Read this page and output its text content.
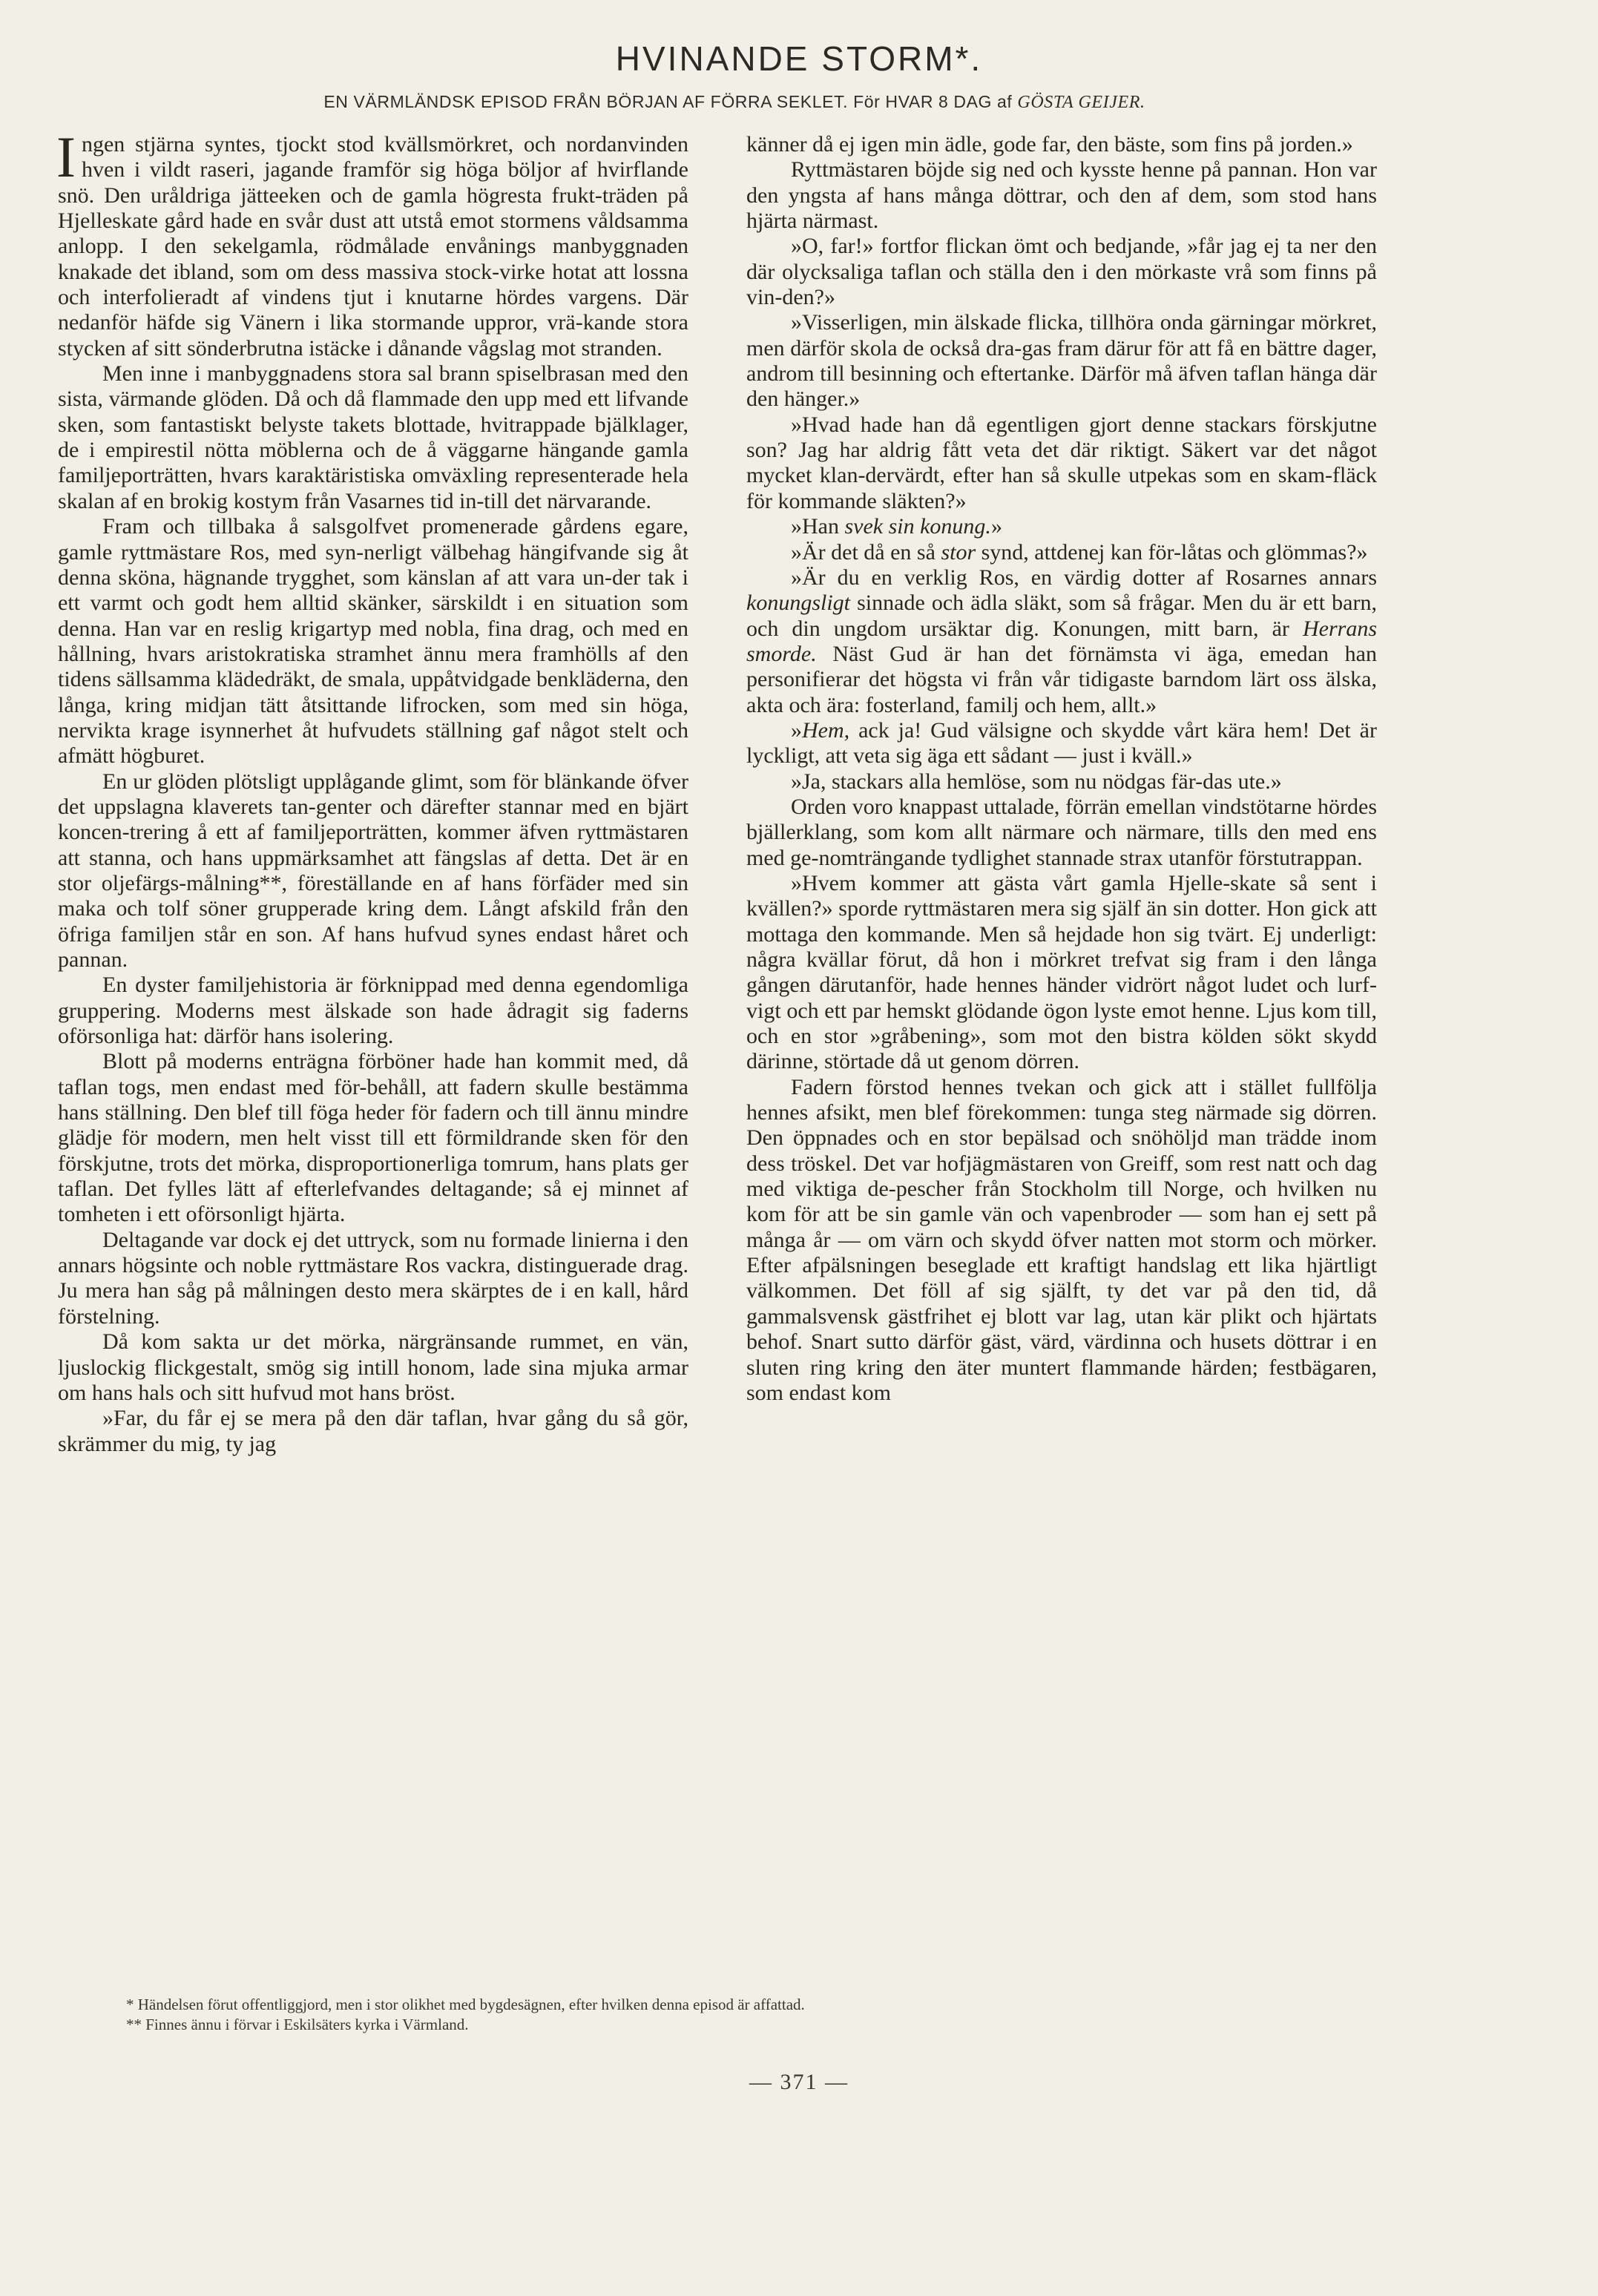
HVINANDE STORM*.
EN VÄRMLÄNDSK EPISOD FRÅN BÖRJAN AF FÖRRA SEKLET. För HVAR 8 DAG af GÖSTA GEIJER.

Ingen stjärna syntes, tjockt stod kvällsmörkret, och nordanvinden hven i vildt raseri, jagande framför sig höga böljor af hvirflande snö. Den uråldriga jätteeken och de gamla högresta frukt-träden på Hjelleskate gård hade en svår dust att utstå emot stormens våldsamma anlopp. I den sekelgamla, rödmålade envånings manbyggnaden knakade det ibland, som om dess massiva stock-virke hotat att lossna och interfolieradt af vindens tjut i knutarne hördes vargens. Där nedanför häfde sig Vänern i lika stormande uppror, vrä-kande stora stycken af sitt sönderbrutna istäcke i dånande vågslag mot stranden.

Men inne i manbyggnadens stora sal brann spiselbrasan med den sista, värmande glöden. Då och då flammade den upp med ett lifvande sken, som fantastiskt belyste takets blottade, hvitrappade bjälklager, de i empirestil nötta möblerna och de å väggarne hängande gamla familjeporträtten, hvars karaktäristiska omväxling representerade hela skalan af en brokig kostym från Vasarnes tid in-till det närvarande.

Fram och tillbaka å salsgolfvet promenerade gårdens egare, gamle ryttmästare Ros, med syn-nerligt välbehag hängifvande sig åt denna sköna, hägnande trygghet, som känslan af att vara un-der tak i ett varmt och godt hem alltid skänker, särskildt i en situation som denna. Han var en reslig krigartyp med nobla, fina drag, och med en hållning, hvars aristokratiska stramhet ännu mera framhölls af den tidens sällsamma klädedräkt, de smala, uppåtvidgade benkläderna, den långa, kring midjan tätt åtsittande lifrocken, som med sin höga, nervikta krage isynnerhet åt hufvudets ställning gaf något stelt och afmätt högburet.

En ur glöden plötsligt upplågande glimt, som för blänkande öfver det uppslagna klaverets tan-genter och därefter stannar med en bjärt koncen-trering å ett af familjeporträtten, kommer äfven ryttmästaren att stanna, och hans uppmärksamhet att fängslas af detta. Det är en stor oljefärgs-målning**, föreställande en af hans förfäder med sin maka och tolf söner grupperade kring dem. Långt afskild från den öfriga familjen står en son. Af hans hufvud synes endast håret och pannan.

En dyster familjehistoria är förknippad med denna egendomliga gruppering. Moderns mest älskade son hade ådragit sig faderns oförsonliga hat: därför hans isolering.

Blott på moderns enträgna förböner hade han kommit med, då taflan togs, men endast med för-behåll, att fadern skulle bestämma hans ställning. Den blef till föga heder för fadern och till ännu mindre glädje för modern, men helt visst till ett förmildrande sken för den förskjutne, trots det mörka, disproportionerliga tomrum, hans plats ger taflan. Det fylles lätt af efterlefvandes deltagande; så ej minnet af tomheten i ett oförsonligt hjärta.

Deltagande var dock ej det uttryck, som nu formade linierna i den annars högsinte och noble ryttmästare Ros vackra, distinguerade drag. Ju mera han såg på målningen desto mera skärptes de i en kall, hård förstelning.

Då kom sakta ur det mörka, närgränsande rummet, en vän, ljuslockig flickgestalt, smög sig intill honom, lade sina mjuka armar om hans hals och sitt hufvud mot hans bröst.

»Far, du får ej se mera på den där taflan, hvar gång du så gör, skrämmer du mig, ty jag

känner då ej igen min ädle, gode far, den bäste, som fins på jorden.»

Ryttmästaren böjde sig ned och kysste henne på pannan. Hon var den yngsta af hans många döttrar, och den af dem, som stod hans hjärta närmast.

»O, far!» fortfor flickan ömt och bedjande, »får jag ej ta ner den där olycksaliga taflan och ställa den i den mörkaste vrå som finns på vin-den?»

»Visserligen, min älskade flicka, tillhöra onda gärningar mörkret, men därför skola de också dra-gas fram därur för att få en bättre dager, androm till besinning och eftertanke. Därför må äfven taflan hänga där den hänger.»

»Hvad hade han då egentligen gjort denne stackars förskjutne son? Jag har aldrig fått veta det där riktigt. Säkert var det något mycket klan-dervärdt, efter han så skulle utpekas som en skam-fläck för kommande släkten?»

»Han svek sin konung.»

»Är det då en så stor synd, attdenej kan för-låtas och glömmas?»

»Är du en verklig Ros, en värdig dotter af Rosarnes annars konungsligt sinnade och ädla släkt, som så frågar. Men du är ett barn, och din ungdom ursäktar dig. Konungen, mitt barn, är Herrans smorde. Näst Gud är han det förnämsta vi äga, emedan han personifierar det högsta vi från vår tidigaste barndom lärt oss älska, akta och ära: fosterland, familj och hem, allt.»

»Hem, ack ja! Gud välsigne och skydde vårt kära hem! Det är lyckligt, att veta sig äga ett sådant — just i kväll.»

»Ja, stackars alla hemlöse, som nu nödgas fär-das ute.»

Orden voro knappast uttalade, förrän emellan vindstötarne hördes bjällerklang, som kom allt närmare och närmare, tills den med ens med ge-nomträngande tydlighet stannade strax utanför förstutrappan.

»Hvem kommer att gästa vårt gamla Hjelle-skate så sent i kvällen?» sporde ryttmästaren mera sig själf än sin dotter. Hon gick att mottaga den kommande. Men så hejdade hon sig tvärt. Ej underligt: några kvällar förut, då hon i mörkret trefvat sig fram i den långa gången därutanför, hade hennes händer vidrört något ludet och lurf-vigt och ett par hemskt glödande ögon lyste emot henne. Ljus kom till, och en stor »gråbening», som mot den bistra kölden sökt skydd därinne, störtade då ut genom dörren.

Fadern förstod hennes tvekan och gick att i stället fullfölja hennes afsikt, men blef förekommen: tunga steg närmade sig dörren. Den öppnades och en stor bepälsad och snöhöljd man trädde inom dess tröskel. Det var hofjägmästaren von Greiff, som rest natt och dag med viktiga de-pescher från Stockholm till Norge, och hvilken nu kom för att be sin gamle vän och vapenbroder — som han ej sett på många år — om värn och skydd öfver natten mot storm och mörker. Efter afpälsningen beseglade ett kraftigt handslag ett lika hjärtligt välkommen. Det föll af sig själft, ty det var på den tid, då gammalsvensk gästfrihet ej blott var lag, utan kär plikt och hjärtats behof. Snart sutto därför gäst, värd, värdinna och husets döttrar i en sluten ring kring den äter muntert flammande härden; festbägaren, som endast kom

* Händelsen förut offentliggjord, men i stor olikhet med bygdesägnen, efter hvilken denna episod är affattad.
** Finnes ännu i förvar i Eskilsäters kyrka i Värmland.
— 371 —
